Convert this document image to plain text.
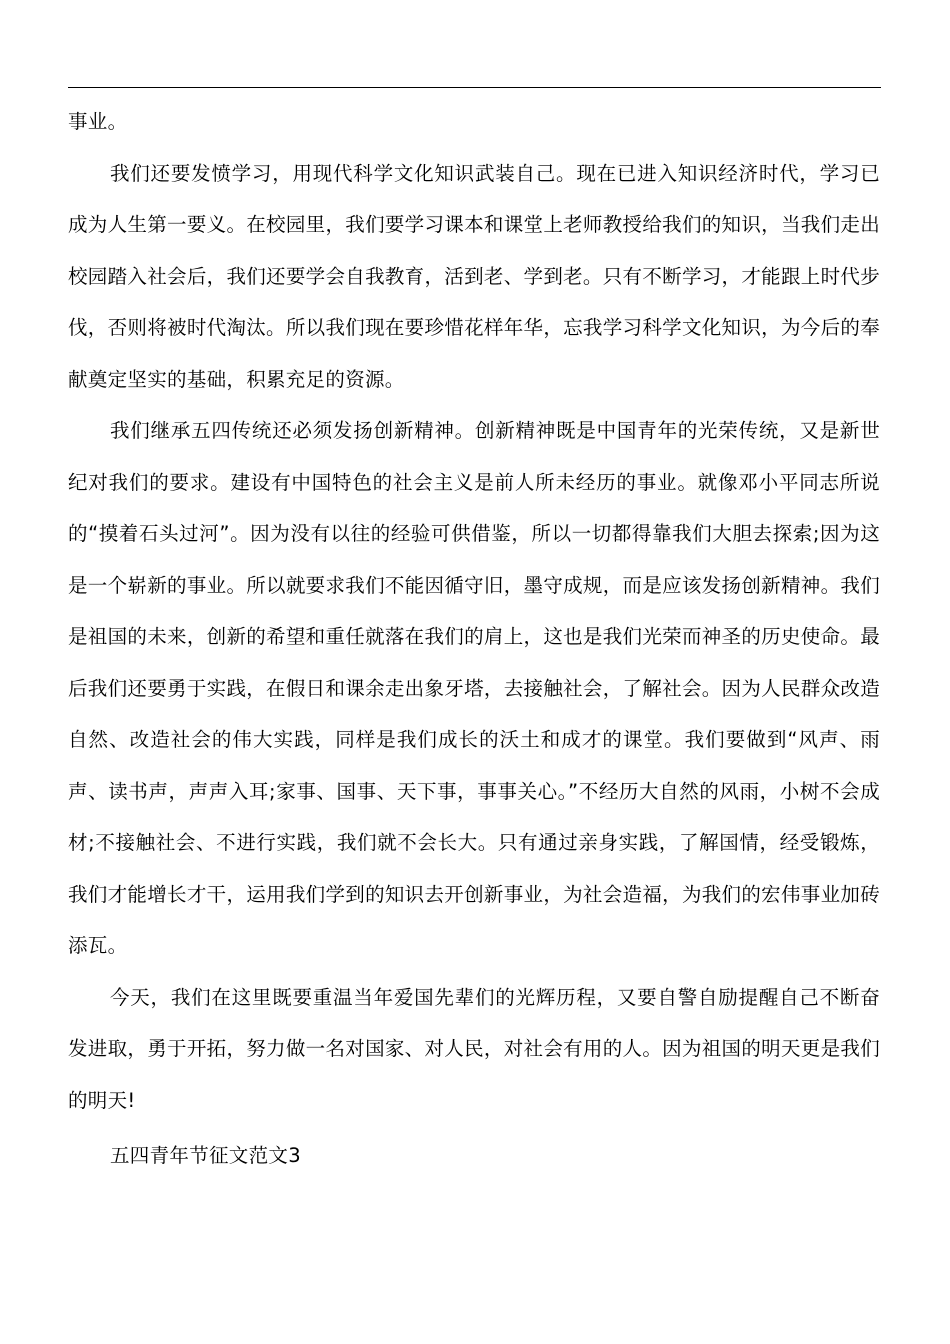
事业。

我们还要发愤学习，用现代科学文化知识武装自己。现在已进入知识经济时代，学习已成为人生第一要义。在校园里，我们要学习课本和课堂上老师教授给我们的知识，当我们走出校园踏入社会后，我们还要学会自我教育，活到老、学到老。只有不断学习，才能跟上时代步伐，否则将被时代淘汰。所以我们现在要珍惜花样年华，忘我学习科学文化知识，为今后的奉献奠定坚实的基础，积累充足的资源。

我们继承五四传统还必须发扬创新精神。创新精神既是中国青年的光荣传统，又是新世纪对我们的要求。建设有中国特色的社会主义是前人所未经历的事业。就像邓小平同志所说的“摸着石头过河”。因为没有以往的经验可供借鉴，所以一切都得靠我们大胆去探索;因为这是一个崭新的事业。所以就要求我们不能因循守旧，墨守成规，而是应该发扬创新精神。我们是祖国的未来，创新的希望和重任就落在我们的肩上，这也是我们光荣而神圣的历史使命。最后我们还要勇于实践，在假日和课余走出象牙塔，去接触社会，了解社会。因为人民群众改造自然、改造社会的伟大实践，同样是我们成长的沃土和成才的课堂。我们要做到“风声、雨声、读书声，声声入耳;家事、国事、天下事，事事关心。”不经历大自然的风雨，小树不会成材;不接触社会、不进行实践，我们就不会长大。只有通过亲身实践，了解国情，经受锻炼，我们才能增长才干，运用我们学到的知识去开创新事业，为社会造福，为我们的宏伟事业加砖添瓦。

今天，我们在这里既要重温当年爱国先辈们的光辉历程，又要自警自励提醒自己不断奋发进取，勇于开拓，努力做一名对国家、对人民，对社会有用的人。因为祖国的明天更是我们的明天!

五四青年节征文范文3
